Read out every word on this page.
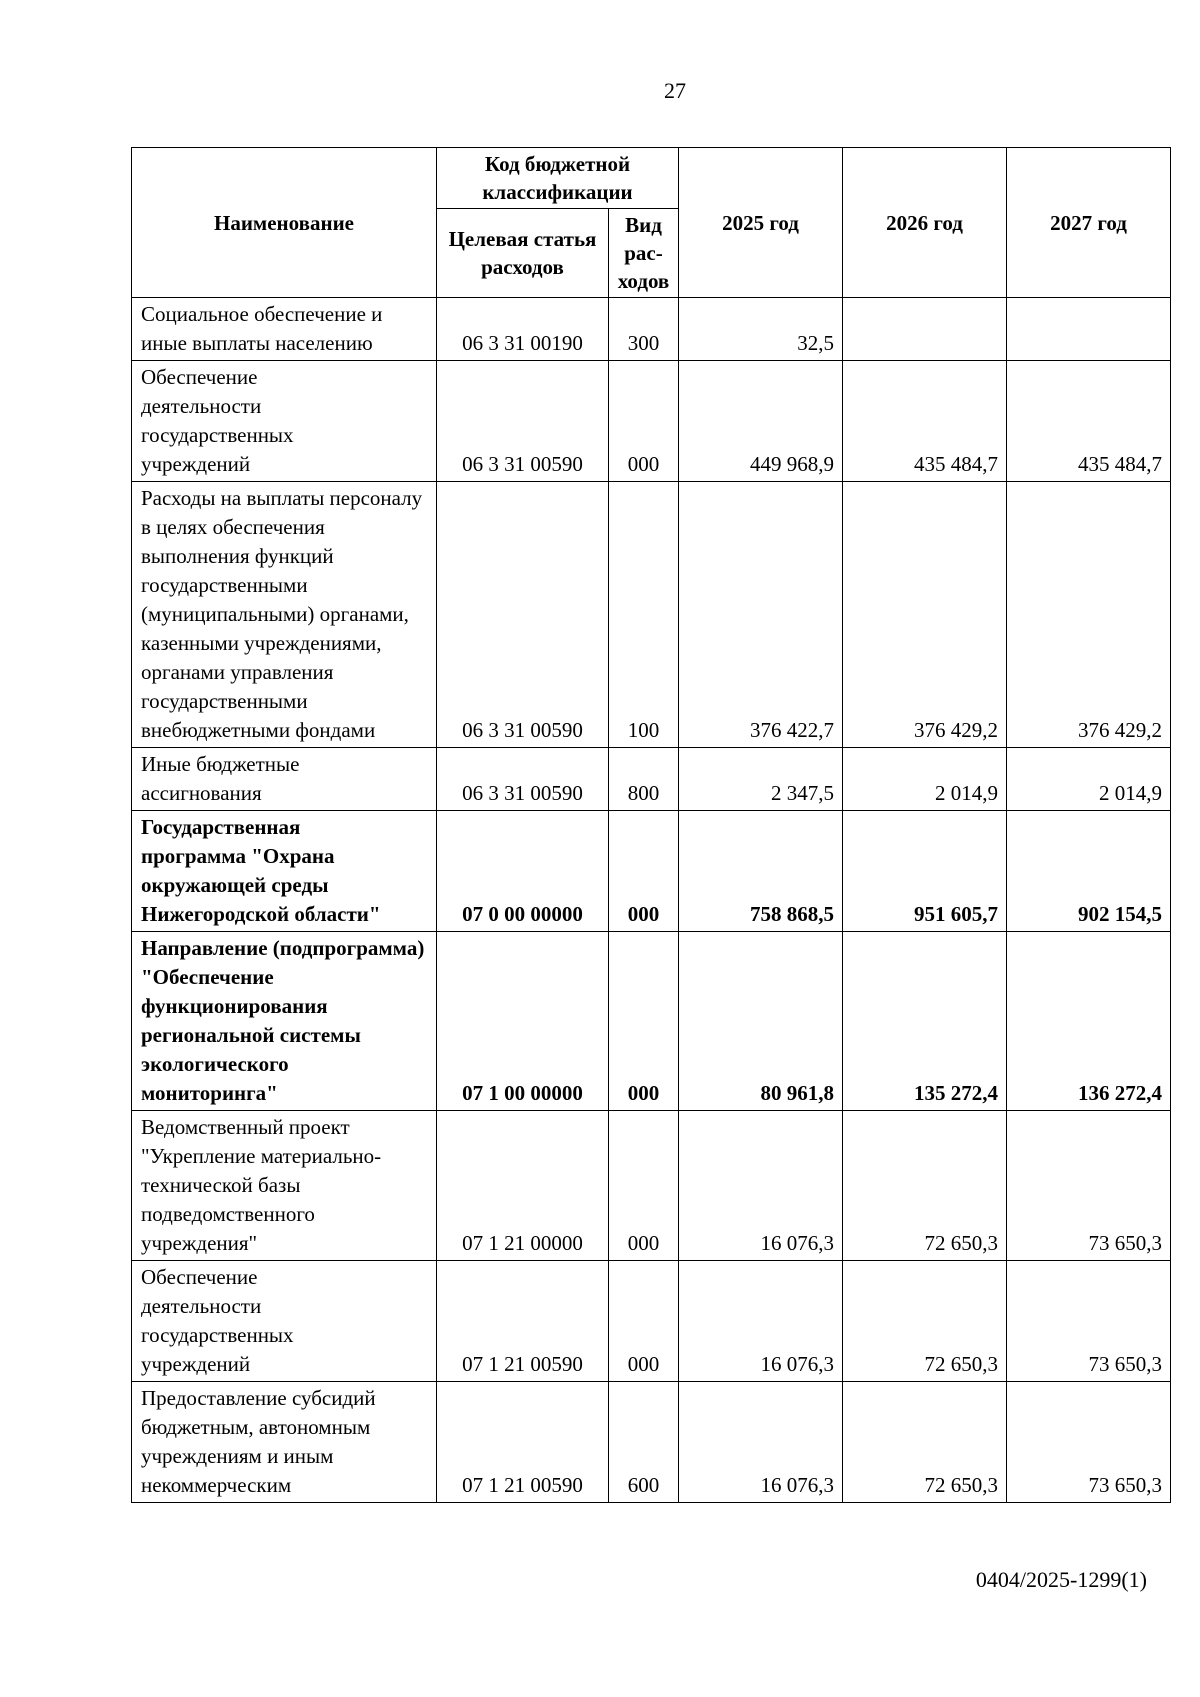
27
Наименование	Код бюджетной классификации		2025 год	2026 год	2027 год
	Целевая статья расходов	Вид рас-ходов			
Социальное обеспечение и иные выплаты населению	06 3 31 00190	300	32,5		
Обеспечение деятельности государственных учреждений	06 3 31 00590	000	449 968,9	435 484,7	435 484,7
Расходы на выплаты персоналу в целях обеспечения выполнения функций государственными (муниципальными) органами, казенными учреждениями, органами управления государственными внебюджетными фондами	06 3 31 00590	100	376 422,7	376 429,2	376 429,2
Иные бюджетные ассигнования	06 3 31 00590	800	2 347,5	2 014,9	2 014,9
Государственная программа "Охрана окружающей среды Нижегородской области"	07 0 00 00000	000	758 868,5	951 605,7	902 154,5
Направление (подпрограмма) "Обеспечение функционирования региональной системы экологического мониторинга"	07 1 00 00000	000	80 961,8	135 272,4	136 272,4
Ведомственный проект "Укрепление материально-технической базы подведомственного учреждения"	07 1 21 00000	000	16 076,3	72 650,3	73 650,3
Обеспечение деятельности государственных учреждений	07 1 21 00590	000	16 076,3	72 650,3	73 650,3
Предоставление субсидий бюджетным, автономным учреждениям и иным некоммерческим	07 1 21 00590	600	16 076,3	72 650,3	73 650,3
0404/2025-1299(1)
